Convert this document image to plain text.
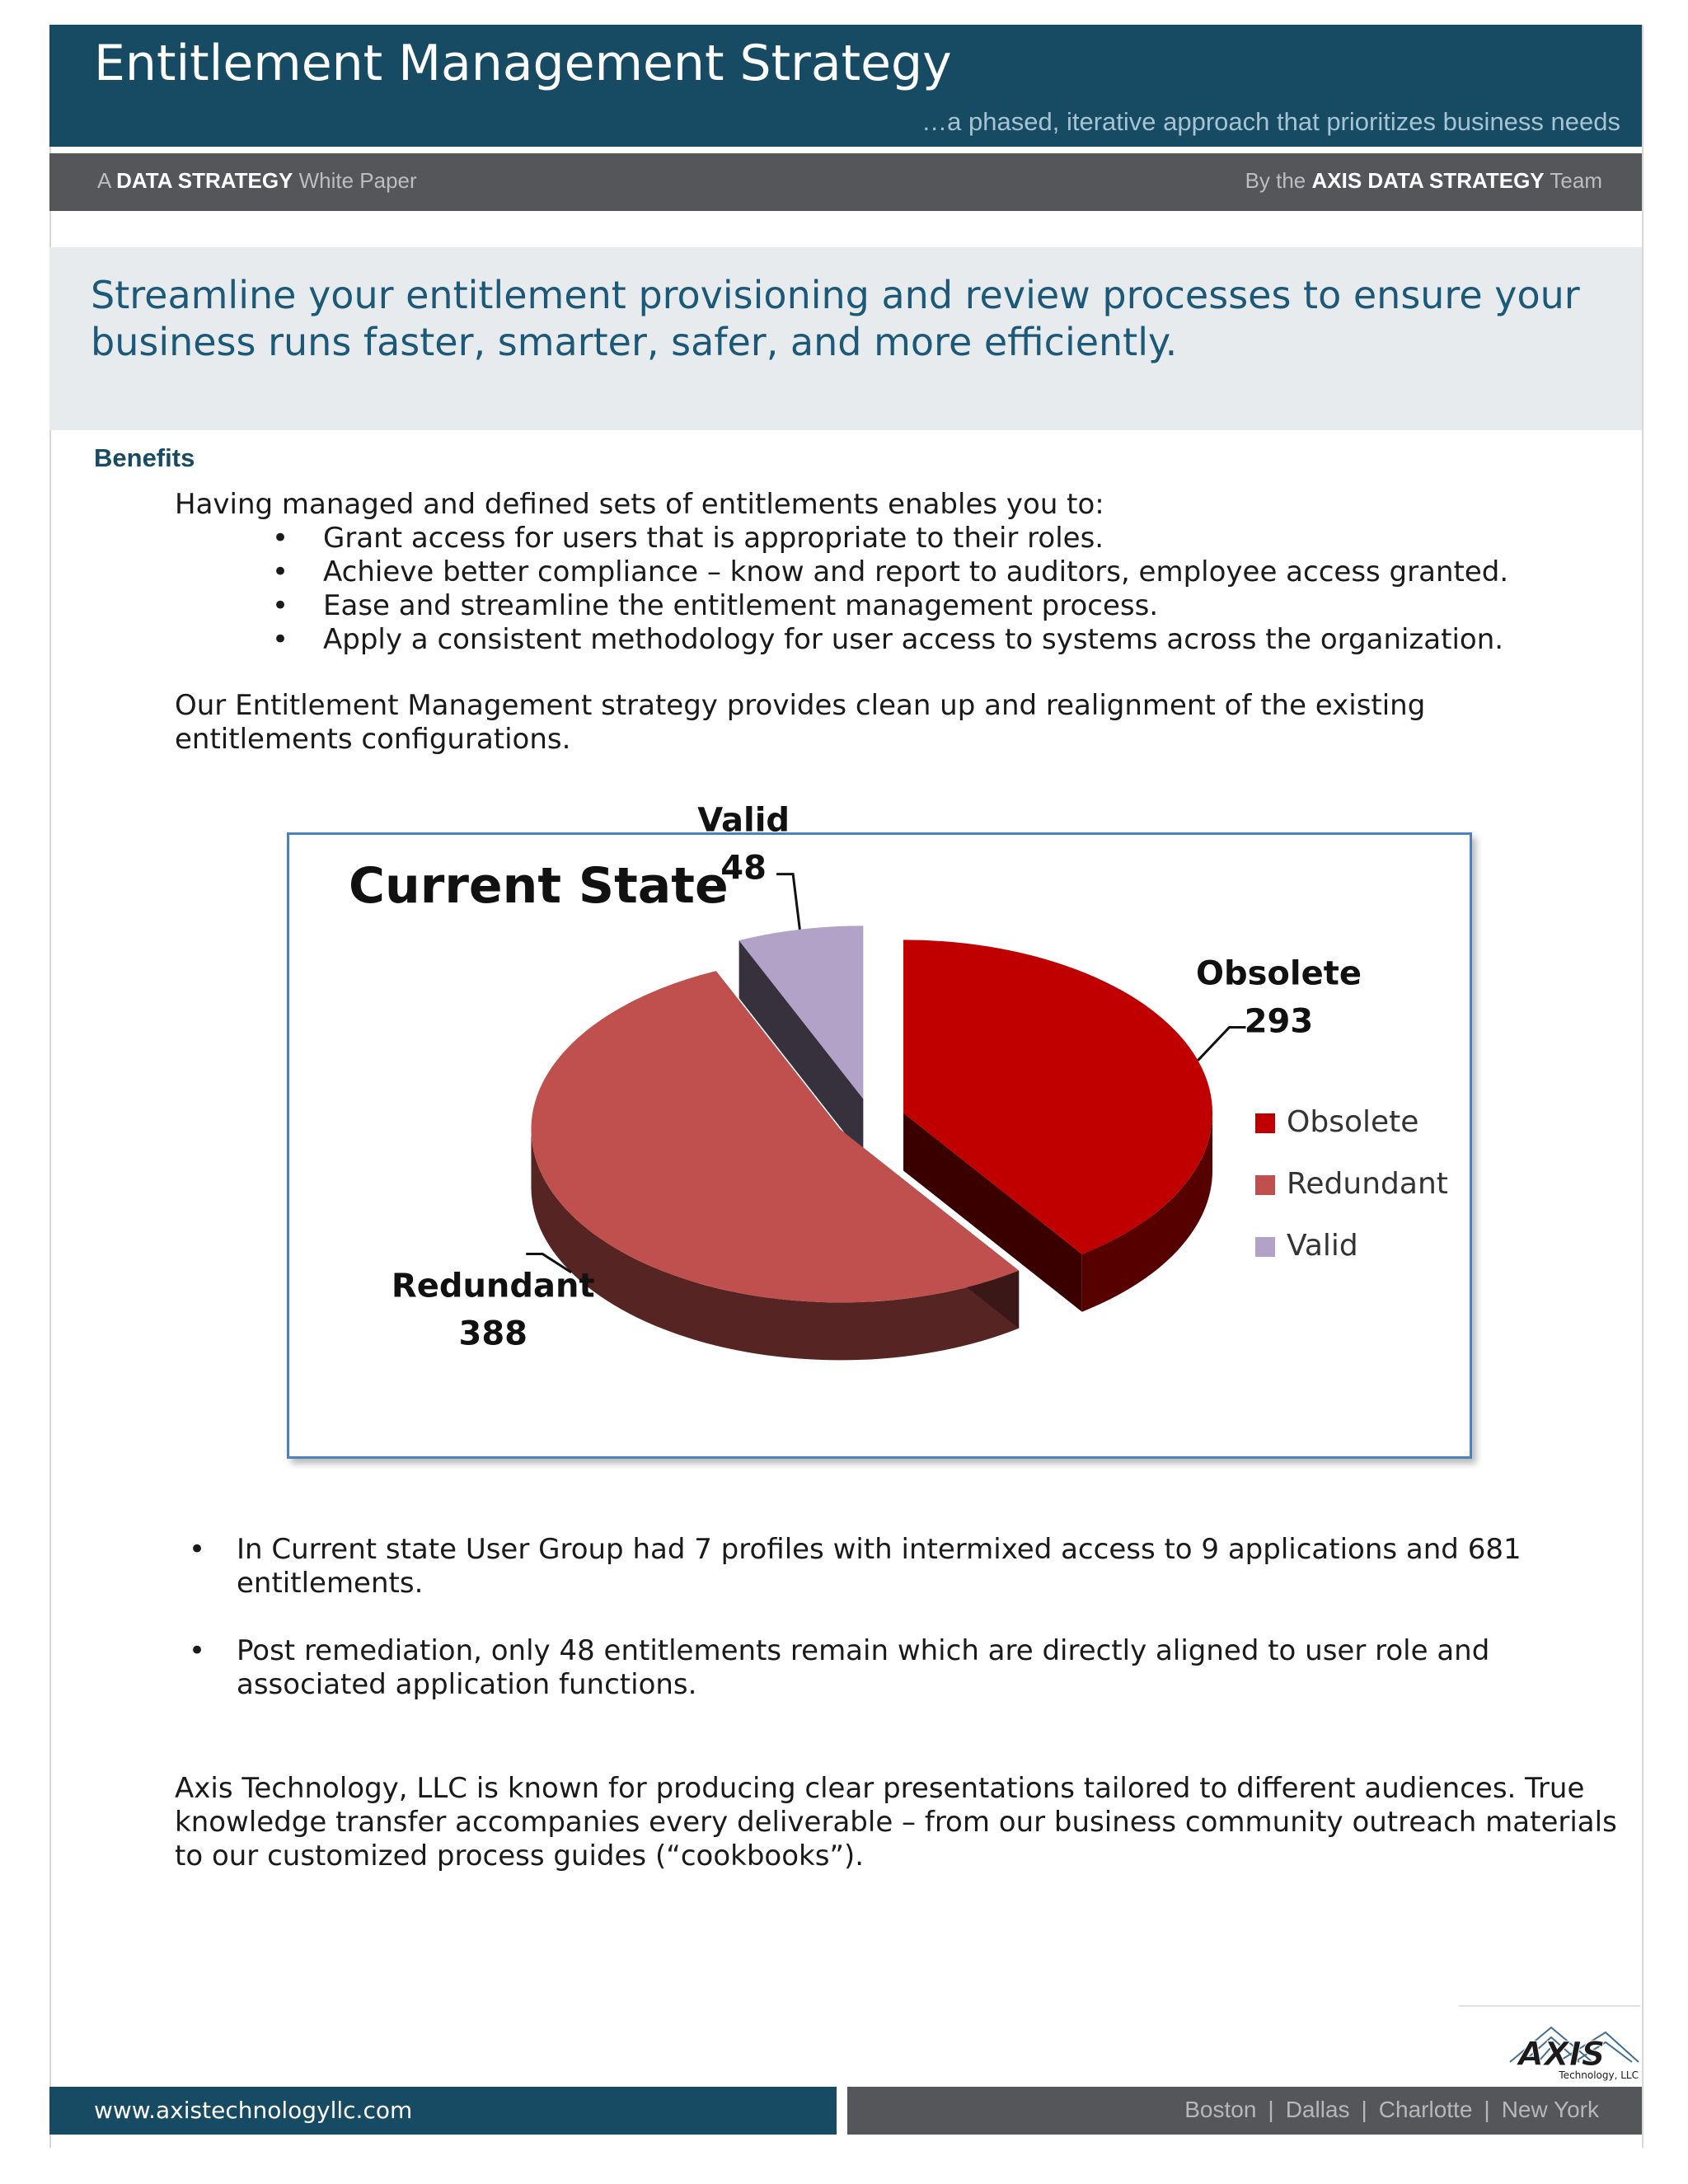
Entitlement Management Strategy
…a phased, iterative approach that prioritizes business needs
A DATA STRATEGY White Paper	By the AXIS DATA STRATEGY Team
Streamline your entitlement provisioning and review processes to ensure your business runs faster, smarter, safer, and more efficiently.
Benefits
Having managed and defined sets of entitlements enables you to:
• Grant access for users that is appropriate to their roles.
• Achieve better compliance – know and report to auditors, employee access granted.
• Ease and streamline the entitlement management process.
• Apply a consistent methodology for user access to systems across the organization.
Our Entitlement Management strategy provides clean up and realignment of the existing entitlements configurations.
Current State
Obsolete
293
Redundant
388
Valid
48
Obsolete
Redundant
Valid
• In Current state User Group had 7 profiles with intermixed access to 9 applications and 681 entitlements.
• Post remediation, only 48 entitlements remain which are directly aligned to user role and associated application functions.
Axis Technology, LLC is known for producing clear presentations tailored to different audiences. True knowledge transfer accompanies every deliverable – from our business community outreach materials to our customized process guides (“cookbooks”).
AXIS
Technology, LLC
www.axistechnologyllc.com	Boston | Dallas | Charlotte | New York
